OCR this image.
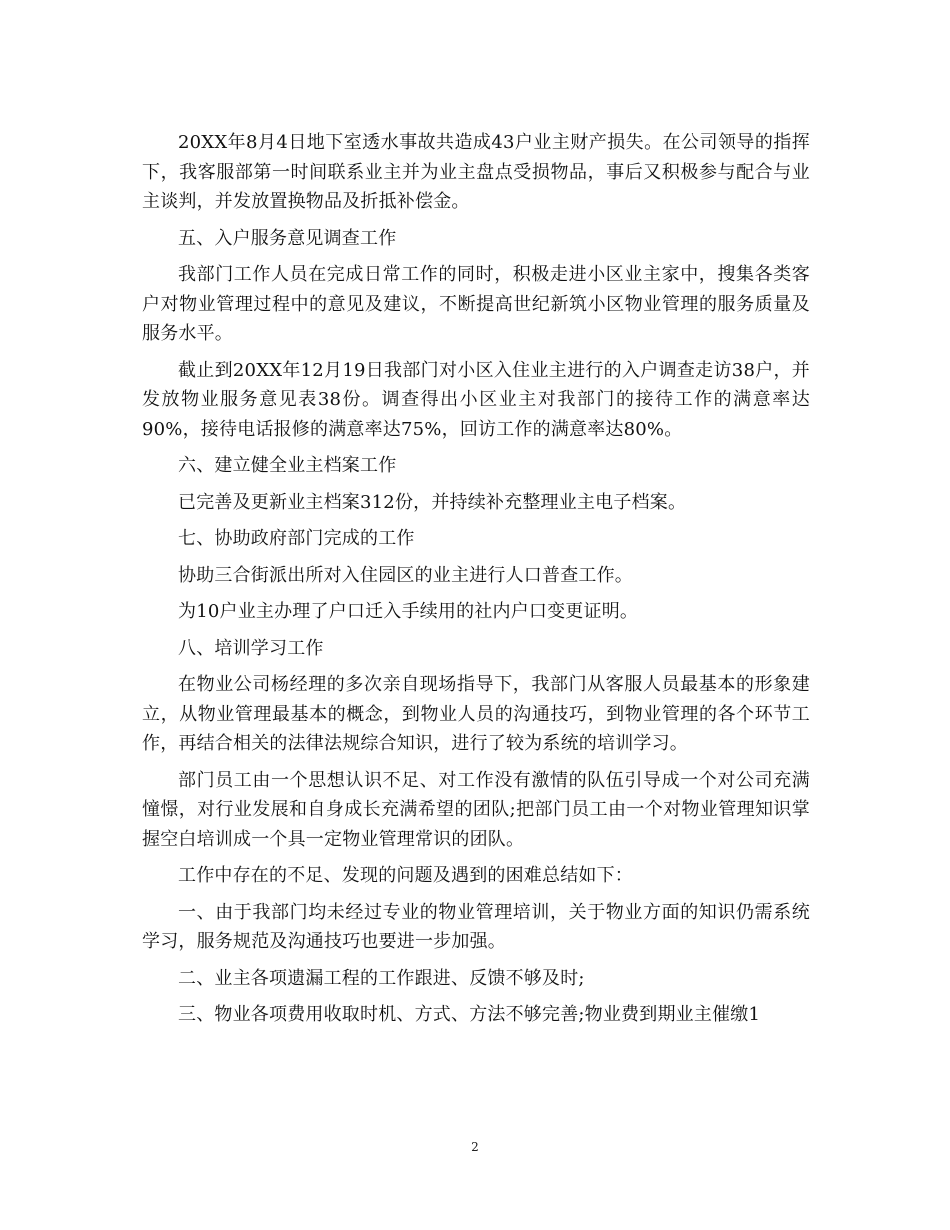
20XX年8月4日地下室透水事故共造成43户业主财产损失。在公司领导的指挥下，我客服部第一时间联系业主并为业主盘点受损物品，事后又积极参与配合与业主谈判，并发放置换物品及折抵补偿金。

五、入户服务意见调查工作

我部门工作人员在完成日常工作的同时，积极走进小区业主家中，搜集各类客户对物业管理过程中的意见及建议，不断提高世纪新筑小区物业管理的服务质量及服务水平。

截止到20XX年12月19日我部门对小区入住业主进行的入户调查走访38户，并发放物业服务意见表38份。调查得出小区业主对我部门的接待工作的满意率达90%，接待电话报修的满意率达75%，回访工作的满意率达80%。

六、建立健全业主档案工作

已完善及更新业主档案312份，并持续补充整理业主电子档案。

七、协助政府部门完成的工作

协助三合街派出所对入住园区的业主进行人口普查工作。

为10户业主办理了户口迁入手续用的社内户口变更证明。

八、培训学习工作

在物业公司杨经理的多次亲自现场指导下，我部门从客服人员最基本的形象建立，从物业管理最基本的概念，到物业人员的沟通技巧，到物业管理的各个环节工作，再结合相关的法律法规综合知识，进行了较为系统的培训学习。

部门员工由一个思想认识不足、对工作没有激情的队伍引导成一个对公司充满憧憬，对行业发展和自身成长充满希望的团队;把部门员工由一个对物业管理知识掌握空白培训成一个具一定物业管理常识的团队。

工作中存在的不足、发现的问题及遇到的困难总结如下：

一、由于我部门均未经过专业的物业管理培训，关于物业方面的知识仍需系统学习，服务规范及沟通技巧也要进一步加强。

二、业主各项遗漏工程的工作跟进、反馈不够及时;

三、物业各项费用收取时机、方式、方法不够完善;物业费到期业主催缴1

2
